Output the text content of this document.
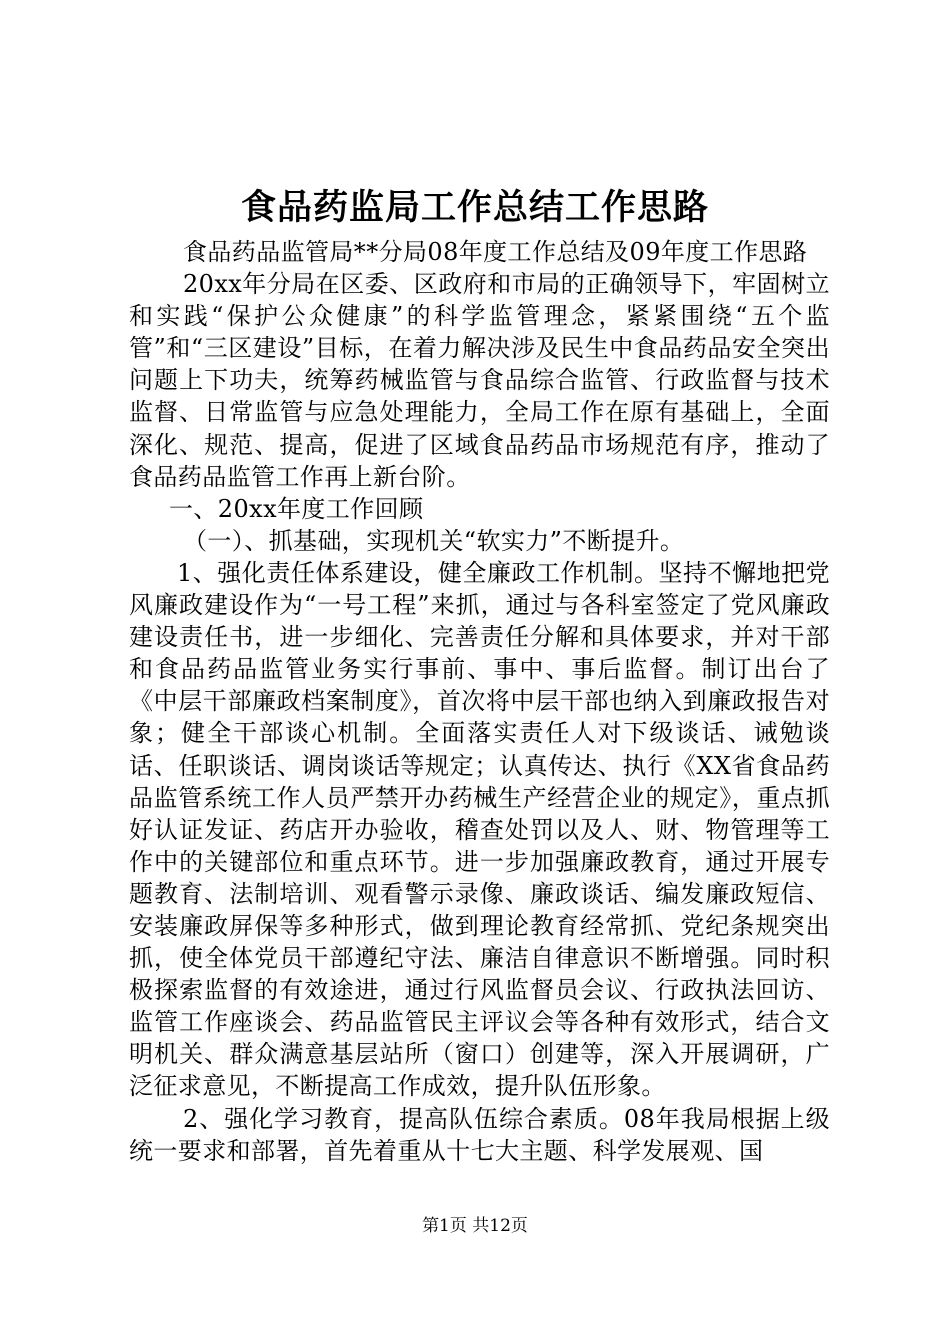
食品药监局工作总结工作思路

食品药品监管局**分局08年度工作总结及09年度工作思路

20xx年分局在区委、区政府和市局的正确领导下，牢固树立和实践“保护公众健康”的科学监管理念，紧紧围绕“五个监管”和“三区建设”目标，在着力解决涉及民生中食品药品安全突出问题上下功夫，统筹药械监管与食品综合监管、行政监督与技术监督、日常监管与应急处理能力，全局工作在原有基础上，全面深化、规范、提高，促进了区域食品药品市场规范有序，推动了食品药品监管工作再上新台阶。

一、20xx年度工作回顾

（一）、抓基础，实现机关“软实力”不断提升。

1、强化责任体系建设，健全廉政工作机制。坚持不懈地把党风廉政建设作为“一号工程”来抓，通过与各科室签定了党风廉政建设责任书，进一步细化、完善责任分解和具体要求，并对干部和食品药品监管业务实行事前、事中、事后监督。制订出台了《中层干部廉政档案制度》，首次将中层干部也纳入到廉政报告对象；健全干部谈心机制。全面落实责任人对下级谈话、诫勉谈话、任职谈话、调岗谈话等规定；认真传达、执行《XX省食品药品监管系统工作人员严禁开办药械生产经营企业的规定》，重点抓好认证发证、药店开办验收，稽查处罚以及人、财、物管理等工作中的关键部位和重点环节。进一步加强廉政教育，通过开展专题教育、法制培训、观看警示录像、廉政谈话、编发廉政短信、安装廉政屏保等多种形式，做到理论教育经常抓、党纪条规突出抓，使全体党员干部遵纪守法、廉洁自律意识不断增强。同时积极探索监督的有效途进，通过行风监督员会议、行政执法回访、监管工作座谈会、药品监管民主评议会等各种有效形式，结合文明机关、群众满意基层站所（窗口）创建等，深入开展调研，广泛征求意见，不断提高工作成效，提升队伍形象。

2、强化学习教育，提高队伍综合素质。08年我局根据上级统一要求和部署，首先着重从十七大主题、科学发展观、国

第1页 共12页
